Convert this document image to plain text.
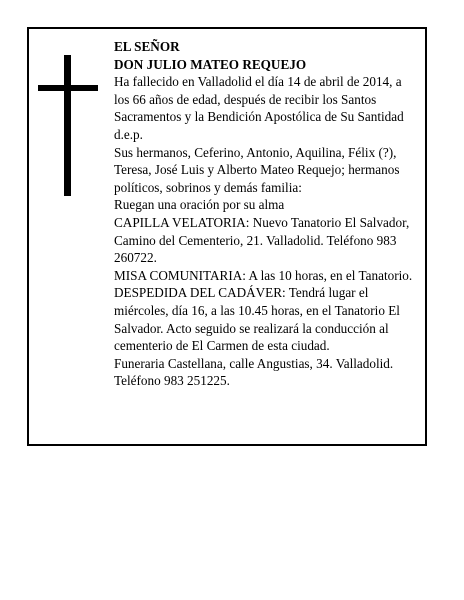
EL SEÑOR

DON JULIO MATEO REQUEJO

Ha fallecido en Valladolid el día 14 de abril de 2014, a los 66 años de edad, después de recibir los Santos Sacramentos y la Bendición Apostólica de Su Santidad d.e.p.

Sus hermanos, Ceferino, Antonio, Aquilina, Félix (?), Teresa, José Luis y Alberto Mateo Requejo; hermanos políticos, sobrinos y demás familia:

Ruegan una oración por su alma

CAPILLA VELATORIA: Nuevo Tanatorio El Salvador, Camino del Cementerio, 21. Valladolid. Teléfono 983 260722.

MISA COMUNITARIA: A las 10 horas, en el Tanatorio.

DESPEDIDA DEL CADÁVER: Tendrá lugar el miércoles, día 16, a las 10.45 horas, en el Tanatorio El Salvador. Acto seguido se realizará la conducción al cementerio de El Carmen de esta ciudad.

Funeraria Castellana, calle Angustias, 34. Valladolid. Teléfono 983 251225.
